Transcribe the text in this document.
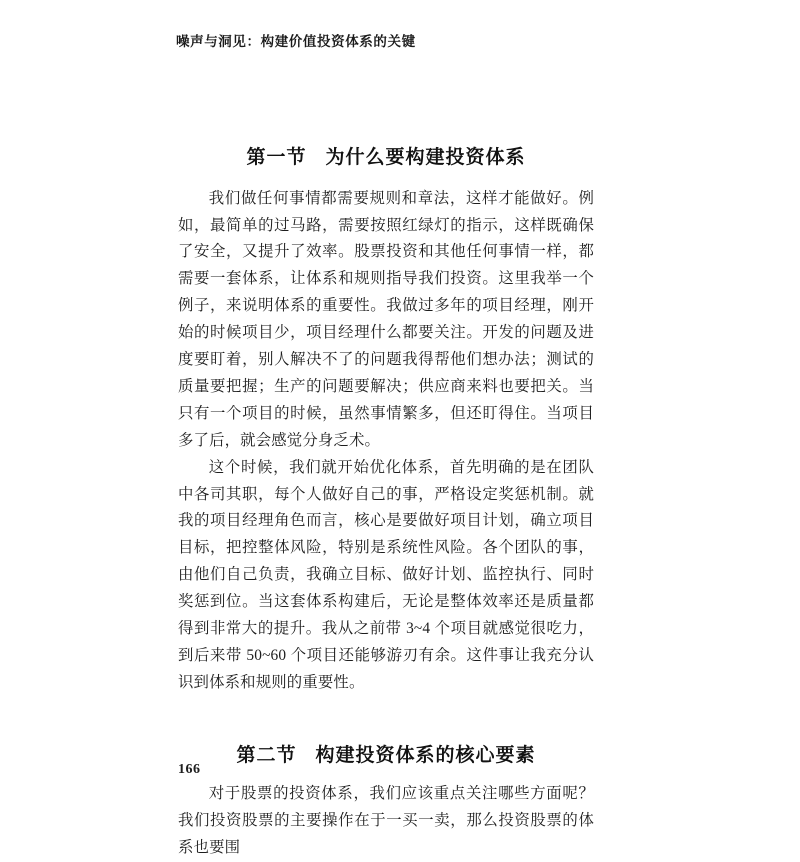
噪声与洞见：构建价值投资体系的关键
第一节 为什么要构建投资体系

我们做任何事情都需要规则和章法，这样才能做好。例如，最简单的过马路，需要按照红绿灯的指示，这样既确保了安全，又提升了效率。股票投资和其他任何事情一样，都需要一套体系，让体系和规则指导我们投资。这里我举一个例子，来说明体系的重要性。我做过多年的项目经理，刚开始的时候项目少，项目经理什么都要关注。开发的问题及进度要盯着，别人解决不了的问题我得帮他们想办法；测试的质量要把握；生产的问题要解决；供应商来料也要把关。当只有一个项目的时候，虽然事情繁多，但还盯得住。当项目多了后，就会感觉分身乏术。

这个时候，我们就开始优化体系，首先明确的是在团队中各司其职，每个人做好自己的事，严格设定奖惩机制。就我的项目经理角色而言，核心是要做好项目计划，确立项目目标，把控整体风险，特别是系统性风险。各个团队的事，由他们自己负责，我确立目标、做好计划、监控执行、同时奖惩到位。当这套体系构建后，无论是整体效率还是质量都得到非常大的提升。我从之前带 3~4 个项目就感觉很吃力，到后来带 50~60 个项目还能够游刃有余。这件事让我充分认识到体系和规则的重要性。

第二节 构建投资体系的核心要素

对于股票的投资体系，我们应该重点关注哪些方面呢？我们投资股票的主要操作在于一买一卖，那么投资股票的体系也要围

166
